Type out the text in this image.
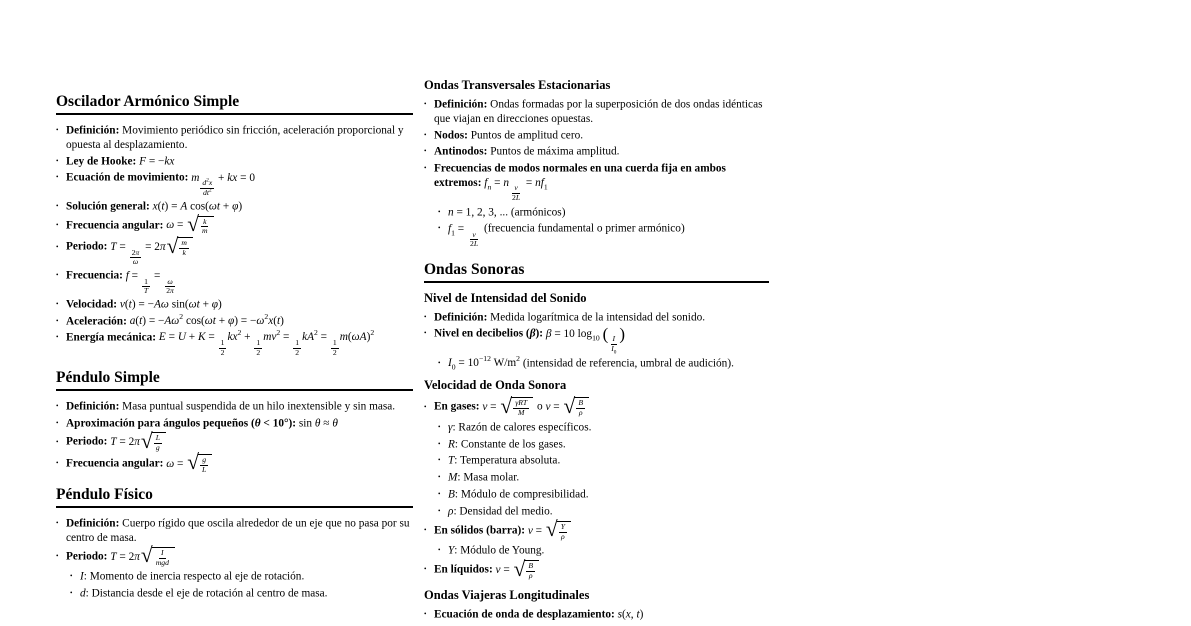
Oscilador Armónico Simple
• Definición: Movimiento periódico sin fricción, aceleración proporcional y opuesta al desplazamiento.
• Ley de Hooke: F = −kx
• Ecuación de movimiento: m
$\frac{d^2x}{dt^2}$
+ kx = 0
• Solución general: x(t) = A cos(ωt + φ)
• Frecuencia angular: ω = √ $\frac{k}{m}$
• Periodo: T =
$\frac{2\pi}{\omega}$
= 2π √ $\frac{m}{k}$
• Frecuencia: f =
$\frac{1}{T}$
=
$\frac{\omega}{2\pi}$
• Velocidad: v(t) = −Aω sin(ωt + φ)
• Aceleración: $a(t) = -A\omega^2$ $\cos(\omega t + \varphi) = -\omega^2x(t)$
• Energía mecánica: E = U + K =
$\frac{1}{2}$
$kx^2$ +
$\frac{1}{2}$
$mv^2$ =
$\frac{1}{2}$
$kA^2$ =
$\frac{1}{2}$
$m(\omega A)^2$
Péndulo Simple
• Definición: Masa puntual suspendida de un hilo inextensible y sin masa.
• Aproximación para ángulos pequeños (θ < 10°): sin θ ≈ θ
• Periodo: T = 2π √ $\frac{L}{g}$
• Frecuencia angular: ω = √ $\frac{g}{L}$
Péndulo Físico
• Definición: Cuerpo rígido que oscila alrededor de un eje que no pasa por su centro de masa.
• Periodo: T = 2π √ $\frac{I}{\text{mgd}}$
• I: Momento de inercia respecto al eje de rotación.
• d: Distancia desde el eje de rotación al centro de masa.
Ondas Transversales Estacionarias
• Definición: Ondas formadas por la superposición de dos ondas idénticas que viajan en direcciones opuestas.
• Nodos: Puntos de amplitud cero.
• Antinodos: Puntos de máxima amplitud.
• Frecuencias de modos normales en una cuerda fija en ambos extremos: $f_n = n$
$\frac{v}{2L}$
= $nf_1$
• n = 1, 2, 3, ... (armónicos)
• $f_1$ =
$\frac{v}{2L}$
(frecuencia fundamental o primer armónico)
Ondas Sonoras
Nivel de Intensidad del Sonido
• Definición: Medida logarítmica de la intensidad del sonido.
• Nivel en decibelios (β): β = 10 $\log_{10}$ (
$\frac{I}{I_0}$
)
• $I_0 = 10^{-12}$ $W/m^2$ (intensidad de referencia, umbral de audición).
Velocidad de Onda Sonora
• En gases: v = √ $\frac{\text{γRT}}{M}$ o v = √ $\frac{B}{\rho}$
• γ: Razón de calores específicos.
• R: Constante de los gases.
• T: Temperatura absoluta.
• M: Masa molar.
• B: Módulo de compresibilidad.
• ρ: Densidad del medio.
• En sólidos (barra): v = √ $\frac{Y}{\rho}$
• Y: Módulo de Young.
• En líquidos: v = √ $\frac{B}{\rho}$
Ondas Viajeras Longitudinales
• Ecuación de onda de desplazamiento: s(x, t)
